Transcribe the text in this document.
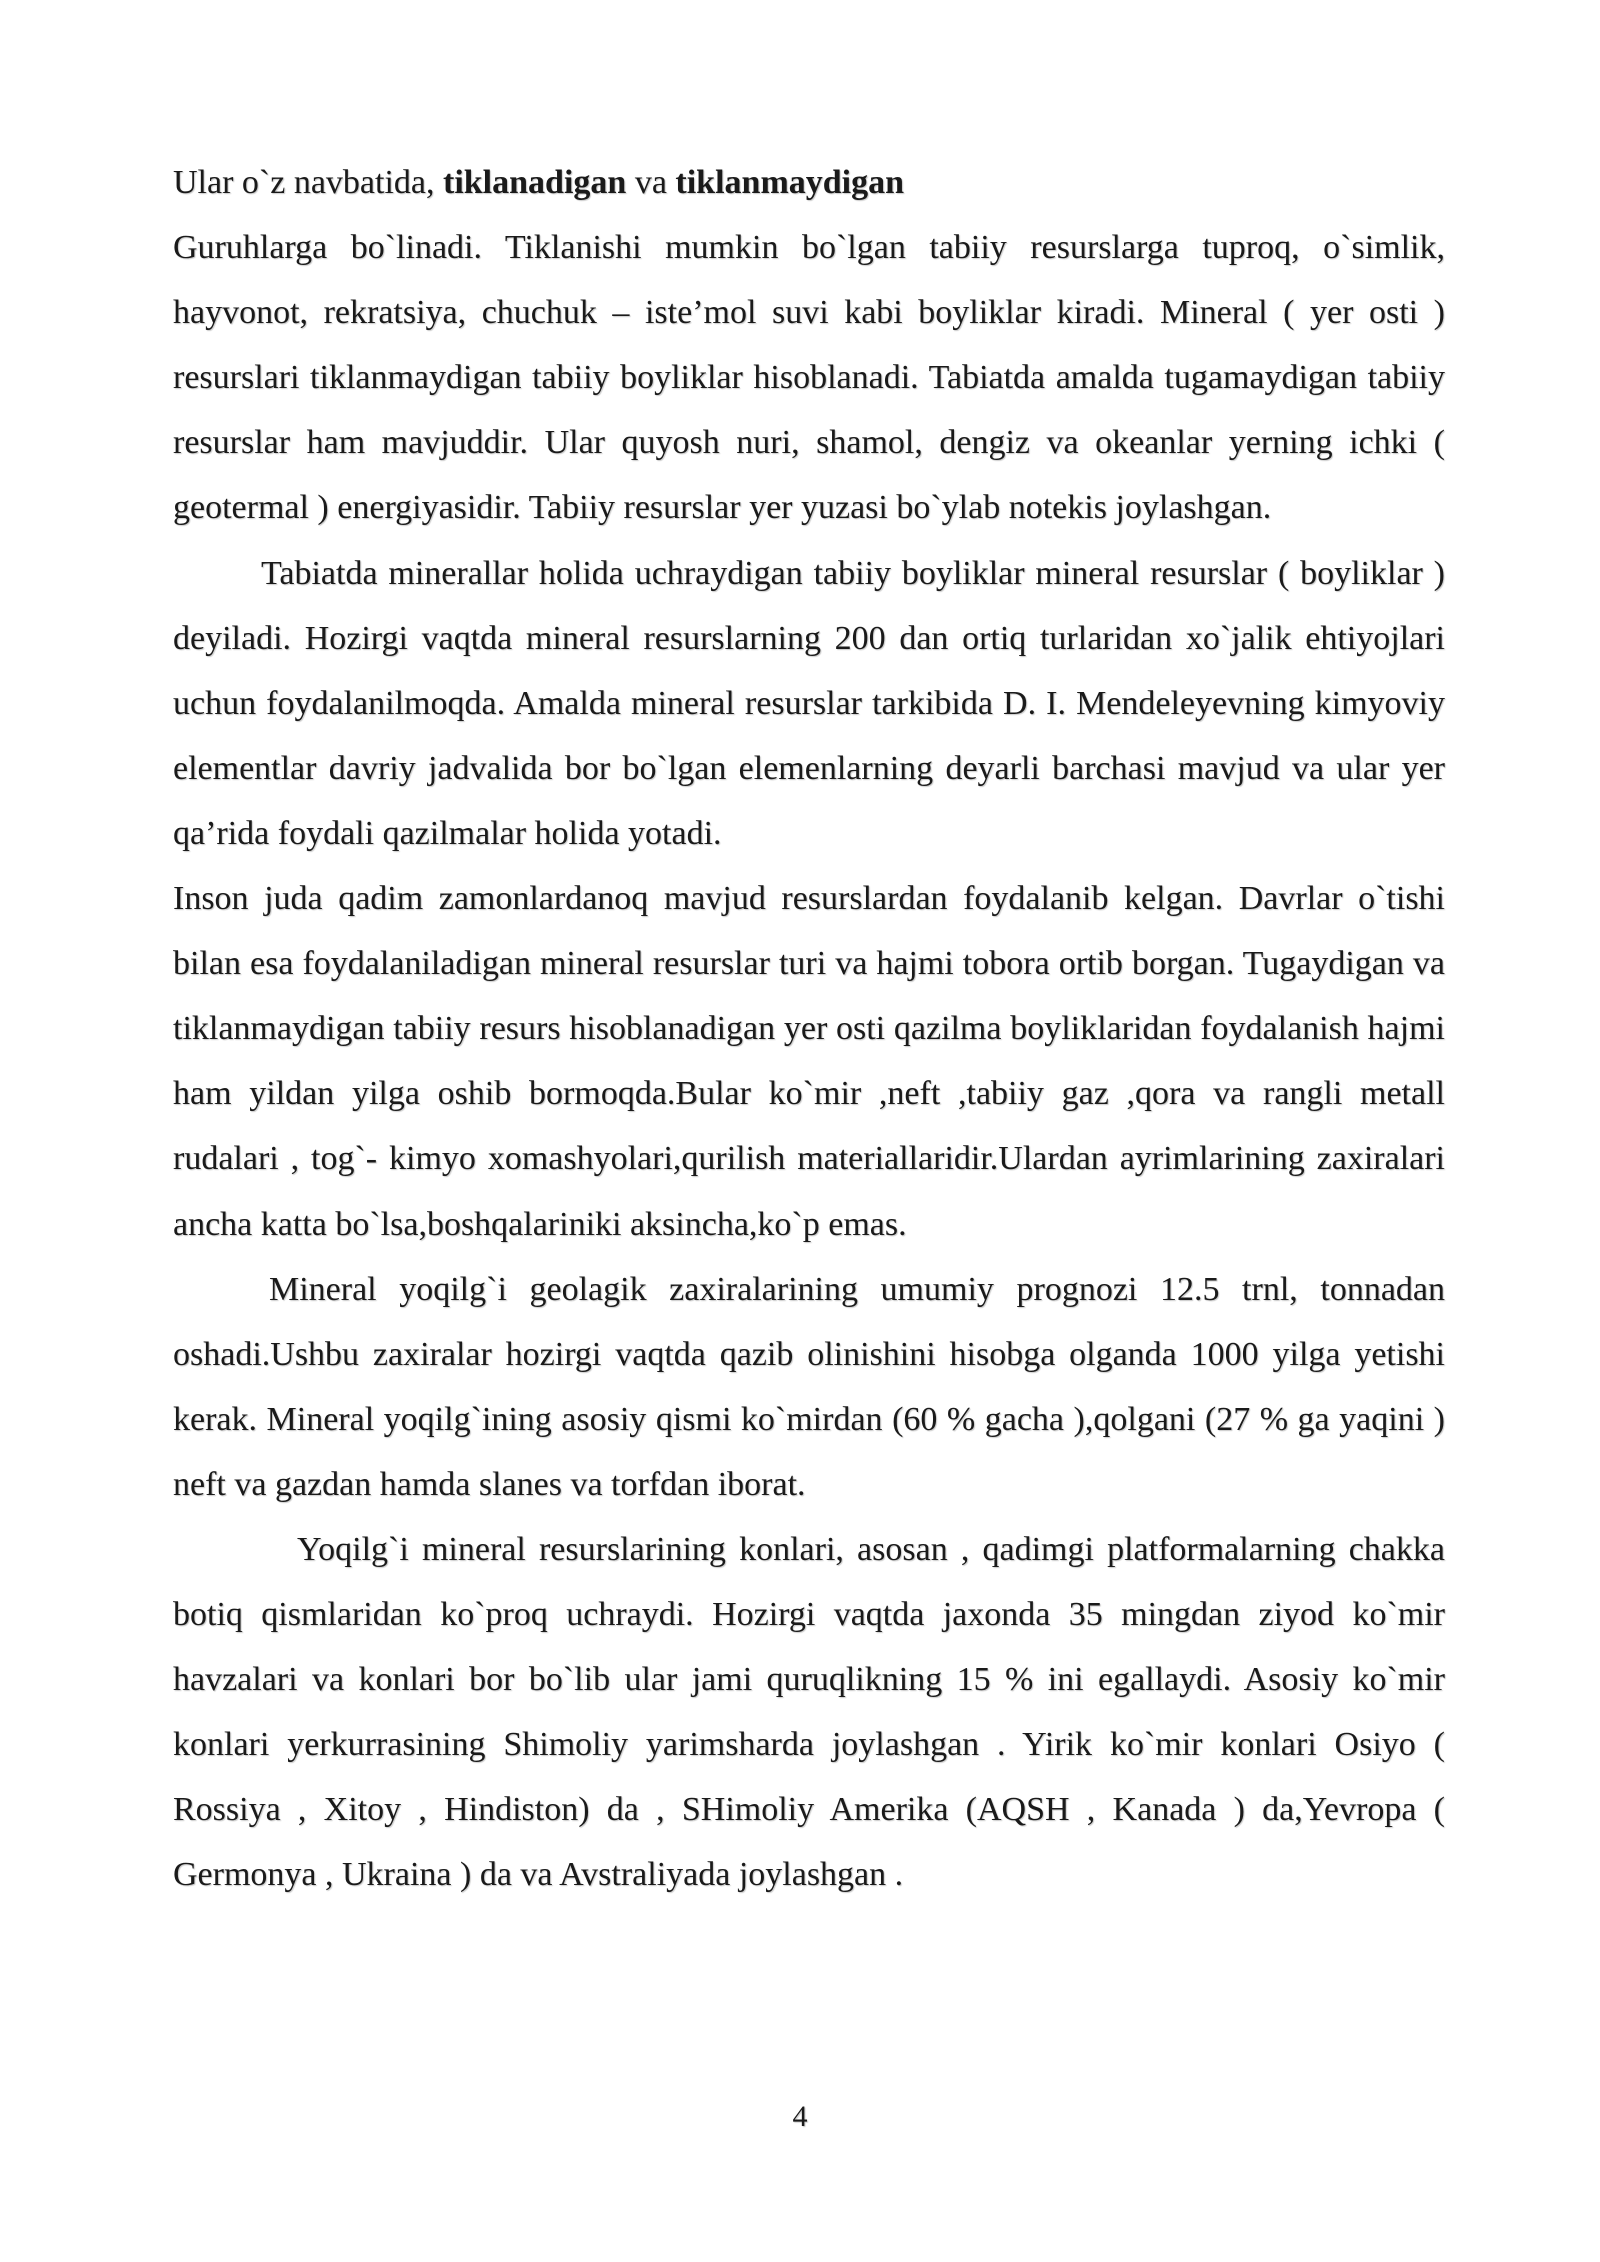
Ular o`z navbatida, tiklanadigan va tiklanmaydigan

Guruhlarga bo`linadi. Tiklanishi mumkin bo`lgan tabiiy resurslarga tuproq, o`simlik, hayvonot, rekratsiya, chuchuk – iste’mol suvi kabi boyliklar kiradi. Mineral ( yer osti ) resurslari tiklanmaydigan tabiiy boyliklar hisoblanadi. Tabiatda amalda tugamaydigan tabiiy resurslar ham mavjuddir. Ular quyosh nuri, shamol, dengiz va okeanlar yerning ichki ( geotermal ) energiyasidir. Tabiiy resurslar yer yuzasi bo`ylab notekis joylashgan.

Tabiatda minerallar holida uchraydigan tabiiy boyliklar mineral resurslar ( boyliklar ) deyiladi. Hozirgi vaqtda mineral resurslarning 200 dan ortiq turlaridan xo`jalik ehtiyojlari uchun foydalanilmoqda. Amalda mineral resurslar tarkibida D. I. Mendeleyevning kimyoviy elementlar davriy jadvalida bor bo`lgan elemenlarning deyarli barchasi mavjud va ular yer qa’rida foydali qazilmalar holida yotadi.

Inson juda qadim zamonlardanoq mavjud resurslardan foydalanib kelgan. Davrlar o`tishi bilan esa foydalaniladigan mineral resurslar turi va hajmi tobora ortib borgan. Tugaydigan va tiklanmaydigan tabiiy resurs hisoblanadigan yer osti qazilma boyliklaridan foydalanish hajmi ham yildan yilga oshib bormoqda.Bular ko`mir ,neft ,tabiiy gaz ,qora va rangli metall rudalari , tog`- kimyo xomashyolari,qurilish materiallaridir.Ulardan ayrimlarining zaxiralari ancha katta bo`lsa,boshqalariniki aksincha,ko`p emas.

Mineral yoqilg`i geolagik zaxiralarining umumiy prognozi 12.5 trnl, tonnadan oshadi.Ushbu zaxiralar hozirgi vaqtda qazib olinishini hisobga olganda 1000 yilga yetishi kerak. Mineral yoqilg`ining asosiy qismi ko`mirdan (60 % gacha ),qolgani (27 % ga yaqini ) neft va gazdan hamda slanes va torfdan iborat.

Yoqilg`i mineral resurslarining konlari, asosan , qadimgi platformalarning chakka botiq qismlaridan ko`proq uchraydi. Hozirgi vaqtda jaxonda 35 mingdan ziyod ko`mir havzalari va konlari bor bo`lib ular jami quruqlikning 15 % ini egallaydi. Asosiy ko`mir konlari yerkurrasining Shimoliy yarimsharda joylashgan . Yirik ko`mir konlari Osiyo ( Rossiya , Xitoy , Hindiston) da , SHimoliy Amerika (AQSH , Kanada ) da,Yevropa ( Germonya , Ukraina ) da va Avstraliyada joylashgan .

4
